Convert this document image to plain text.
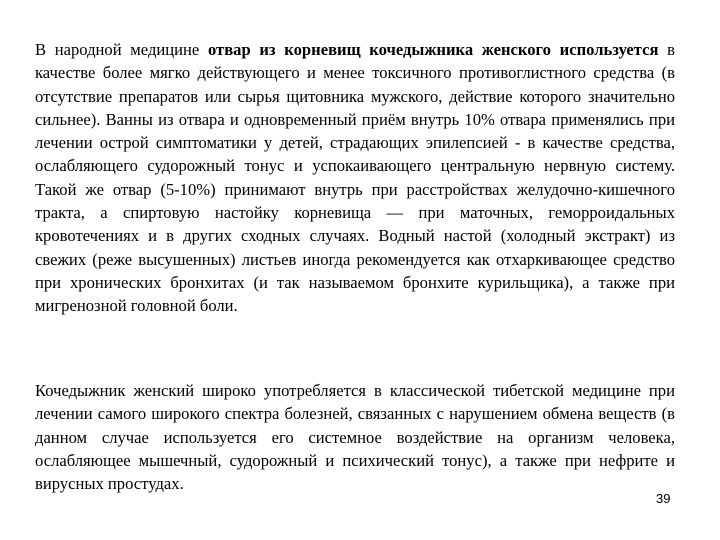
В народной медицине отвар из корневищ кочедыжника женского используется в качестве более мягко действующего и менее токсичного противоглистного средства (в отсутствие препаратов или сырья щитовника мужского, действие которого значительно сильнее). Ванны из отвара и одновременный приём внутрь 10% отвара применялись при лечении острой симптоматики у детей, страдающих эпилепсией - в качестве средства, ослабляющего судорожный тонус и успокаивающего центральную нервную систему. Такой же отвар (5-10%) принимают внутрь при расстройствах желудочно-кишечного тракта, а спиртовую настойку корневища — при маточных, геморроидальных кровотечениях и в других сходных случаях. Водный настой (холодный экстракт) из свежих (реже высушенных) листьев иногда рекомендуется как отхаркивающее средство при хронических бронхитах (и так называемом бронхите курильщика), а также при мигренозной головной боли.

Кочедыжник женский широко употребляется в классической тибетской медицине при лечении самого широкого спектра болезней, связанных с нарушением обмена веществ (в данном случае используется его системное воздействие на организм человека, ослабляющее мышечный, судорожный и психический тонус), а также при нефрите и вирусных простудах.

39
